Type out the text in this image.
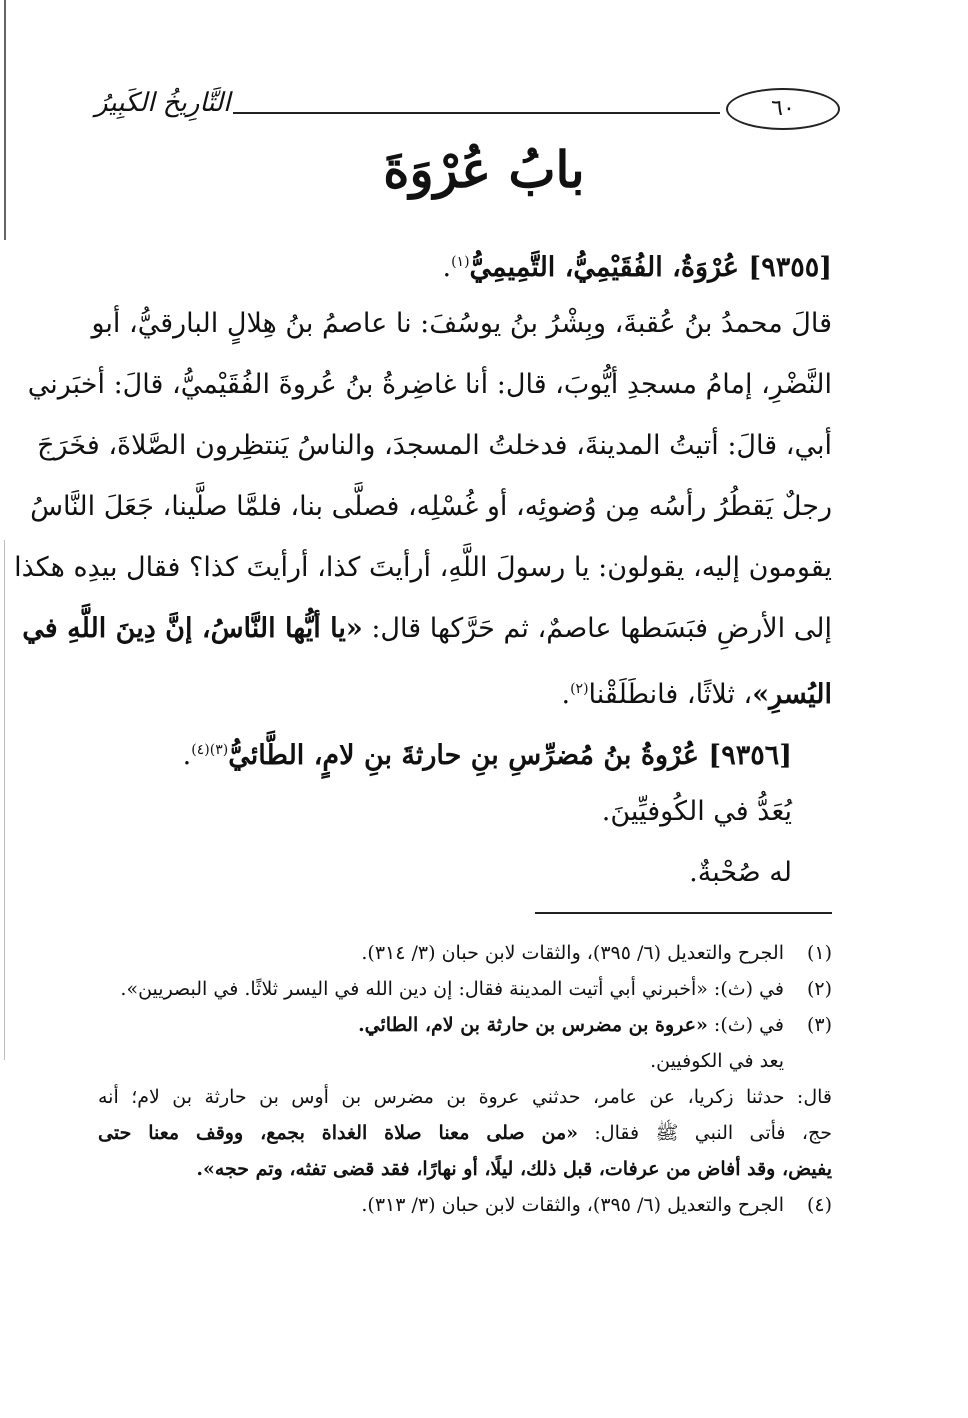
التَّارِيخُ الكَبِيرُ	٦٠
بابُ عُرْوَةَ
[٩٣٥٥] عُرْوَةُ، الفُقَيْمِيُّ، التَّمِيمِيُّ$^{(١)}$.
قالَ محمدُ بنُ عُقبةَ، وبِشْرُ بنُ يوسُفَ: نا عاصمُ بنُ هِلالٍ البارقيُّ، أبو
النَّضْرِ، إمامُ مسجدِ أيُّوبَ، قال: أنا غاضِرةُ بنُ عُروةَ الفُقَيْميُّ، قالَ: أخبَرني
أبي، قالَ: أتيتُ المدينةَ، فدخلتُ المسجدَ، والناسُ يَنتظِرون الصَّلاةَ، فخَرَجَ
رجلٌ يَقطُرُ رأسُه مِن وُضوئِه، أو غُسْلِه، فصلَّى بنا، فلمَّا صلَّينا، جَعَلَ النَّاسُ
يقومون إليه، يقولون: يا رسولَ اللَّهِ، أرأيتَ كذا، أرأيتَ كذا؟ فقال بيدِه هكذا
إلى الأرضِ فبَسَطها عاصمٌ، ثم حَرَّكها قال: «يا أيُّها النَّاسُ، إنَّ دِينَ اللَّهِ في
اليُسرِ»، ثلاثًا، فانطَلَقْنا$^{(٢)}$.
[٩٣٥٦] عُرْوةُ بنُ مُضرِّسِ بنِ حارثةَ بنِ لامٍ، الطَّائيُّ$^{(٣)(٤)}$.
يُعَدُّ في الكُوفيِّينَ.
له صُحْبةٌ.
(١)
الجرح والتعديل (٦/ ٣٩٥)، والثقات لابن حبان (٣/ ٣١٤).
(٢)
في (ث): «أخبرني أبي أتيت المدينة فقال: إن دين الله في اليسر ثلاثًا. في البصريين».
(٣)
في (ث): «عروة بن مضرس بن حارثة بن لام، الطائي.
يعد في الكوفيين.
قال: حدثنا زكريا، عن عامر، حدثني عروة بن مضرس بن أوس بن حارثة بن لام؛ أنه
حج، فأتى النبي ﷺ فقال: «من صلى معنا صلاة الغداة بجمع، ووقف معنا حتى
يفيض، وقد أفاض من عرفات، قبل ذلك، ليلًا، أو نهارًا، فقد قضى تفثه، وتم حجه».
(٤)
الجرح والتعديل (٦/ ٣٩٥)، والثقات لابن حبان (٣/ ٣١٣).
